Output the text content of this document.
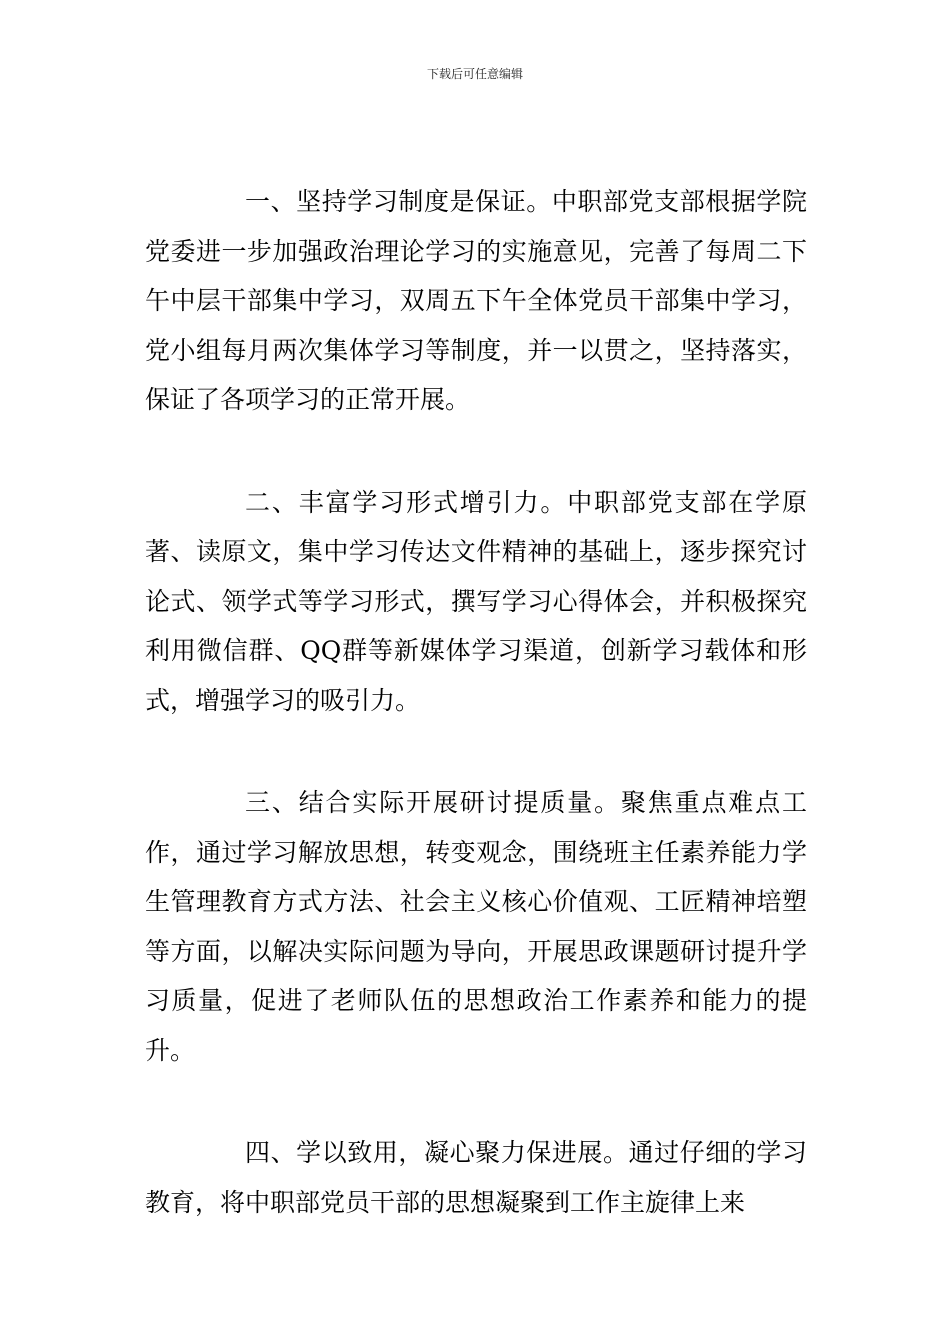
下载后可任意编辑

一、坚持学习制度是保证。中职部党支部根据学院党委进一步加强政治理论学习的实施意见，完善了每周二下午中层干部集中学习，双周五下午全体党员干部集中学习，党小组每月两次集体学习等制度，并一以贯之，坚持落实，保证了各项学习的正常开展。

二、丰富学习形式增引力。中职部党支部在学原著、读原文，集中学习传达文件精神的基础上，逐步探究讨论式、领学式等学习形式，撰写学习心得体会，并积极探究利用微信群、QQ群等新媒体学习渠道，创新学习载体和形式，增强学习的吸引力。

三、结合实际开展研讨提质量。聚焦重点难点工作，通过学习解放思想，转变观念，围绕班主任素养能力学生管理教育方式方法、社会主义核心价值观、工匠精神培塑等方面，以解决实际问题为导向，开展思政课题研讨提升学习质量，促进了老师队伍的思想政治工作素养和能力的提升。

四、学以致用，凝心聚力保进展。通过仔细的学习教育，将中职部党员干部的思想凝聚到工作主旋律上来
